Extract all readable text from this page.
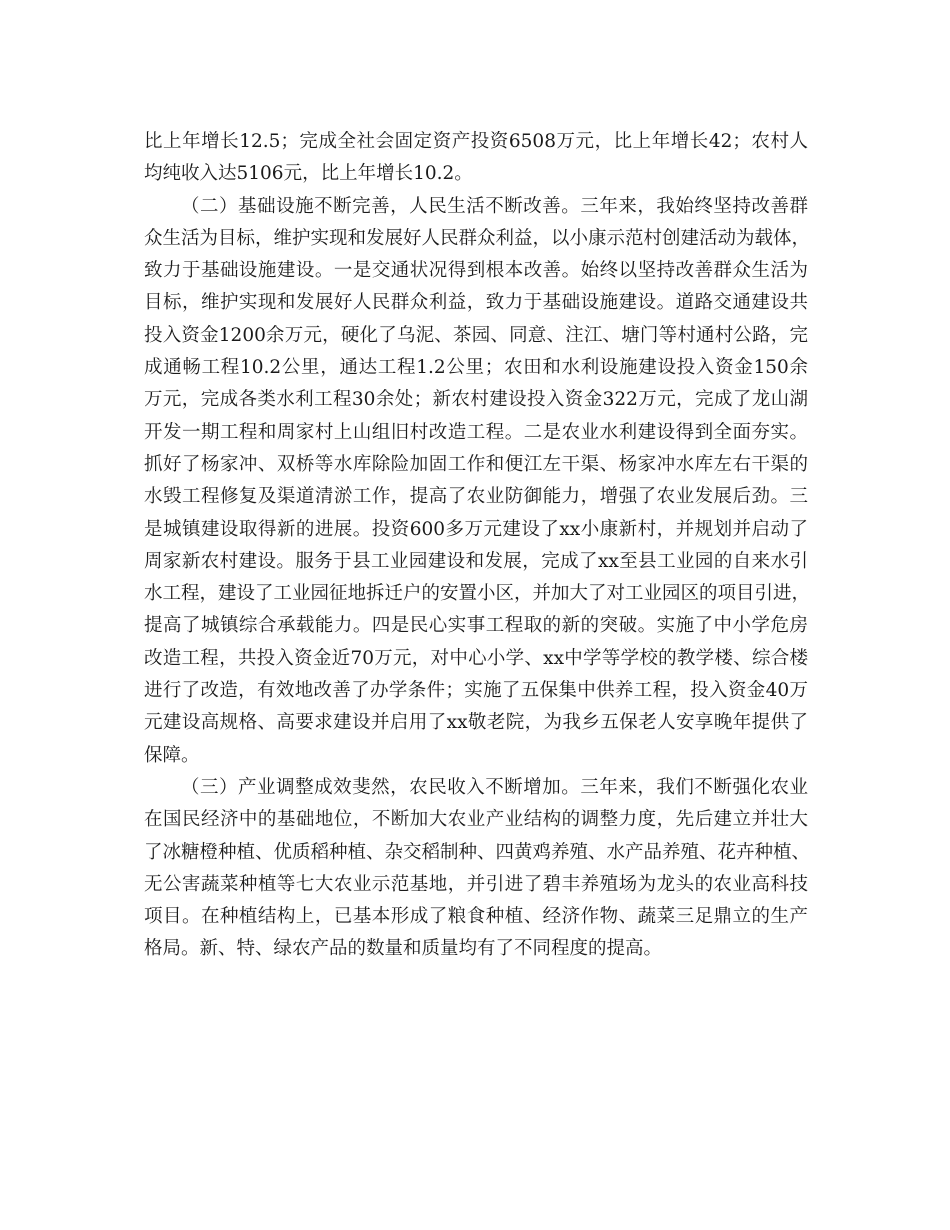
比上年增长12.5；完成全社会固定资产投资6508万元，比上年增长42；农村人
均纯收入达5106元，比上年增长10.2。
（二）基础设施不断完善，人民生活不断改善。三年来，我始终坚持改善群
众生活为目标，维护实现和发展好人民群众利益，以小康示范村创建活动为载体，
致力于基础设施建设。一是交通状况得到根本改善。始终以坚持改善群众生活为
目标，维护实现和发展好人民群众利益，致力于基础设施建设。道路交通建设共
投入资金1200余万元，硬化了乌泥、茶园、同意、注江、塘门等村通村公路，完
成通畅工程10.2公里，通达工程1.2公里；农田和水利设施建设投入资金150余
万元，完成各类水利工程30余处；新农村建设投入资金322万元，完成了龙山湖
开发一期工程和周家村上山组旧村改造工程。二是农业水利建设得到全面夯实。
抓好了杨家冲、双桥等水库除险加固工作和便江左干渠、杨家冲水库左右干渠的
水毁工程修复及渠道清淤工作，提高了农业防御能力，增强了农业发展后劲。三
是城镇建设取得新的进展。投资600多万元建设了xx小康新村，并规划并启动了
周家新农村建设。服务于县工业园建设和发展，完成了xx至县工业园的自来水引
水工程，建设了工业园征地拆迁户的安置小区，并加大了对工业园区的项目引进，
提高了城镇综合承载能力。四是民心实事工程取的新的突破。实施了中小学危房
改造工程，共投入资金近70万元，对中心小学、xx中学等学校的教学楼、综合楼
进行了改造，有效地改善了办学条件；实施了五保集中供养工程，投入资金40万
元建设高规格、高要求建设并启用了xx敬老院，为我乡五保老人安享晚年提供了
保障。
（三）产业调整成效斐然，农民收入不断增加。三年来，我们不断强化农业
在国民经济中的基础地位，不断加大农业产业结构的调整力度，先后建立并壮大
了冰糖橙种植、优质稻种植、杂交稻制种、四黄鸡养殖、水产品养殖、花卉种植、
无公害蔬菜种植等七大农业示范基地，并引进了碧丰养殖场为龙头的农业高科技
项目。在种植结构上，已基本形成了粮食种植、经济作物、蔬菜三足鼎立的生产
格局。新、特、绿农产品的数量和质量均有了不同程度的提高。
